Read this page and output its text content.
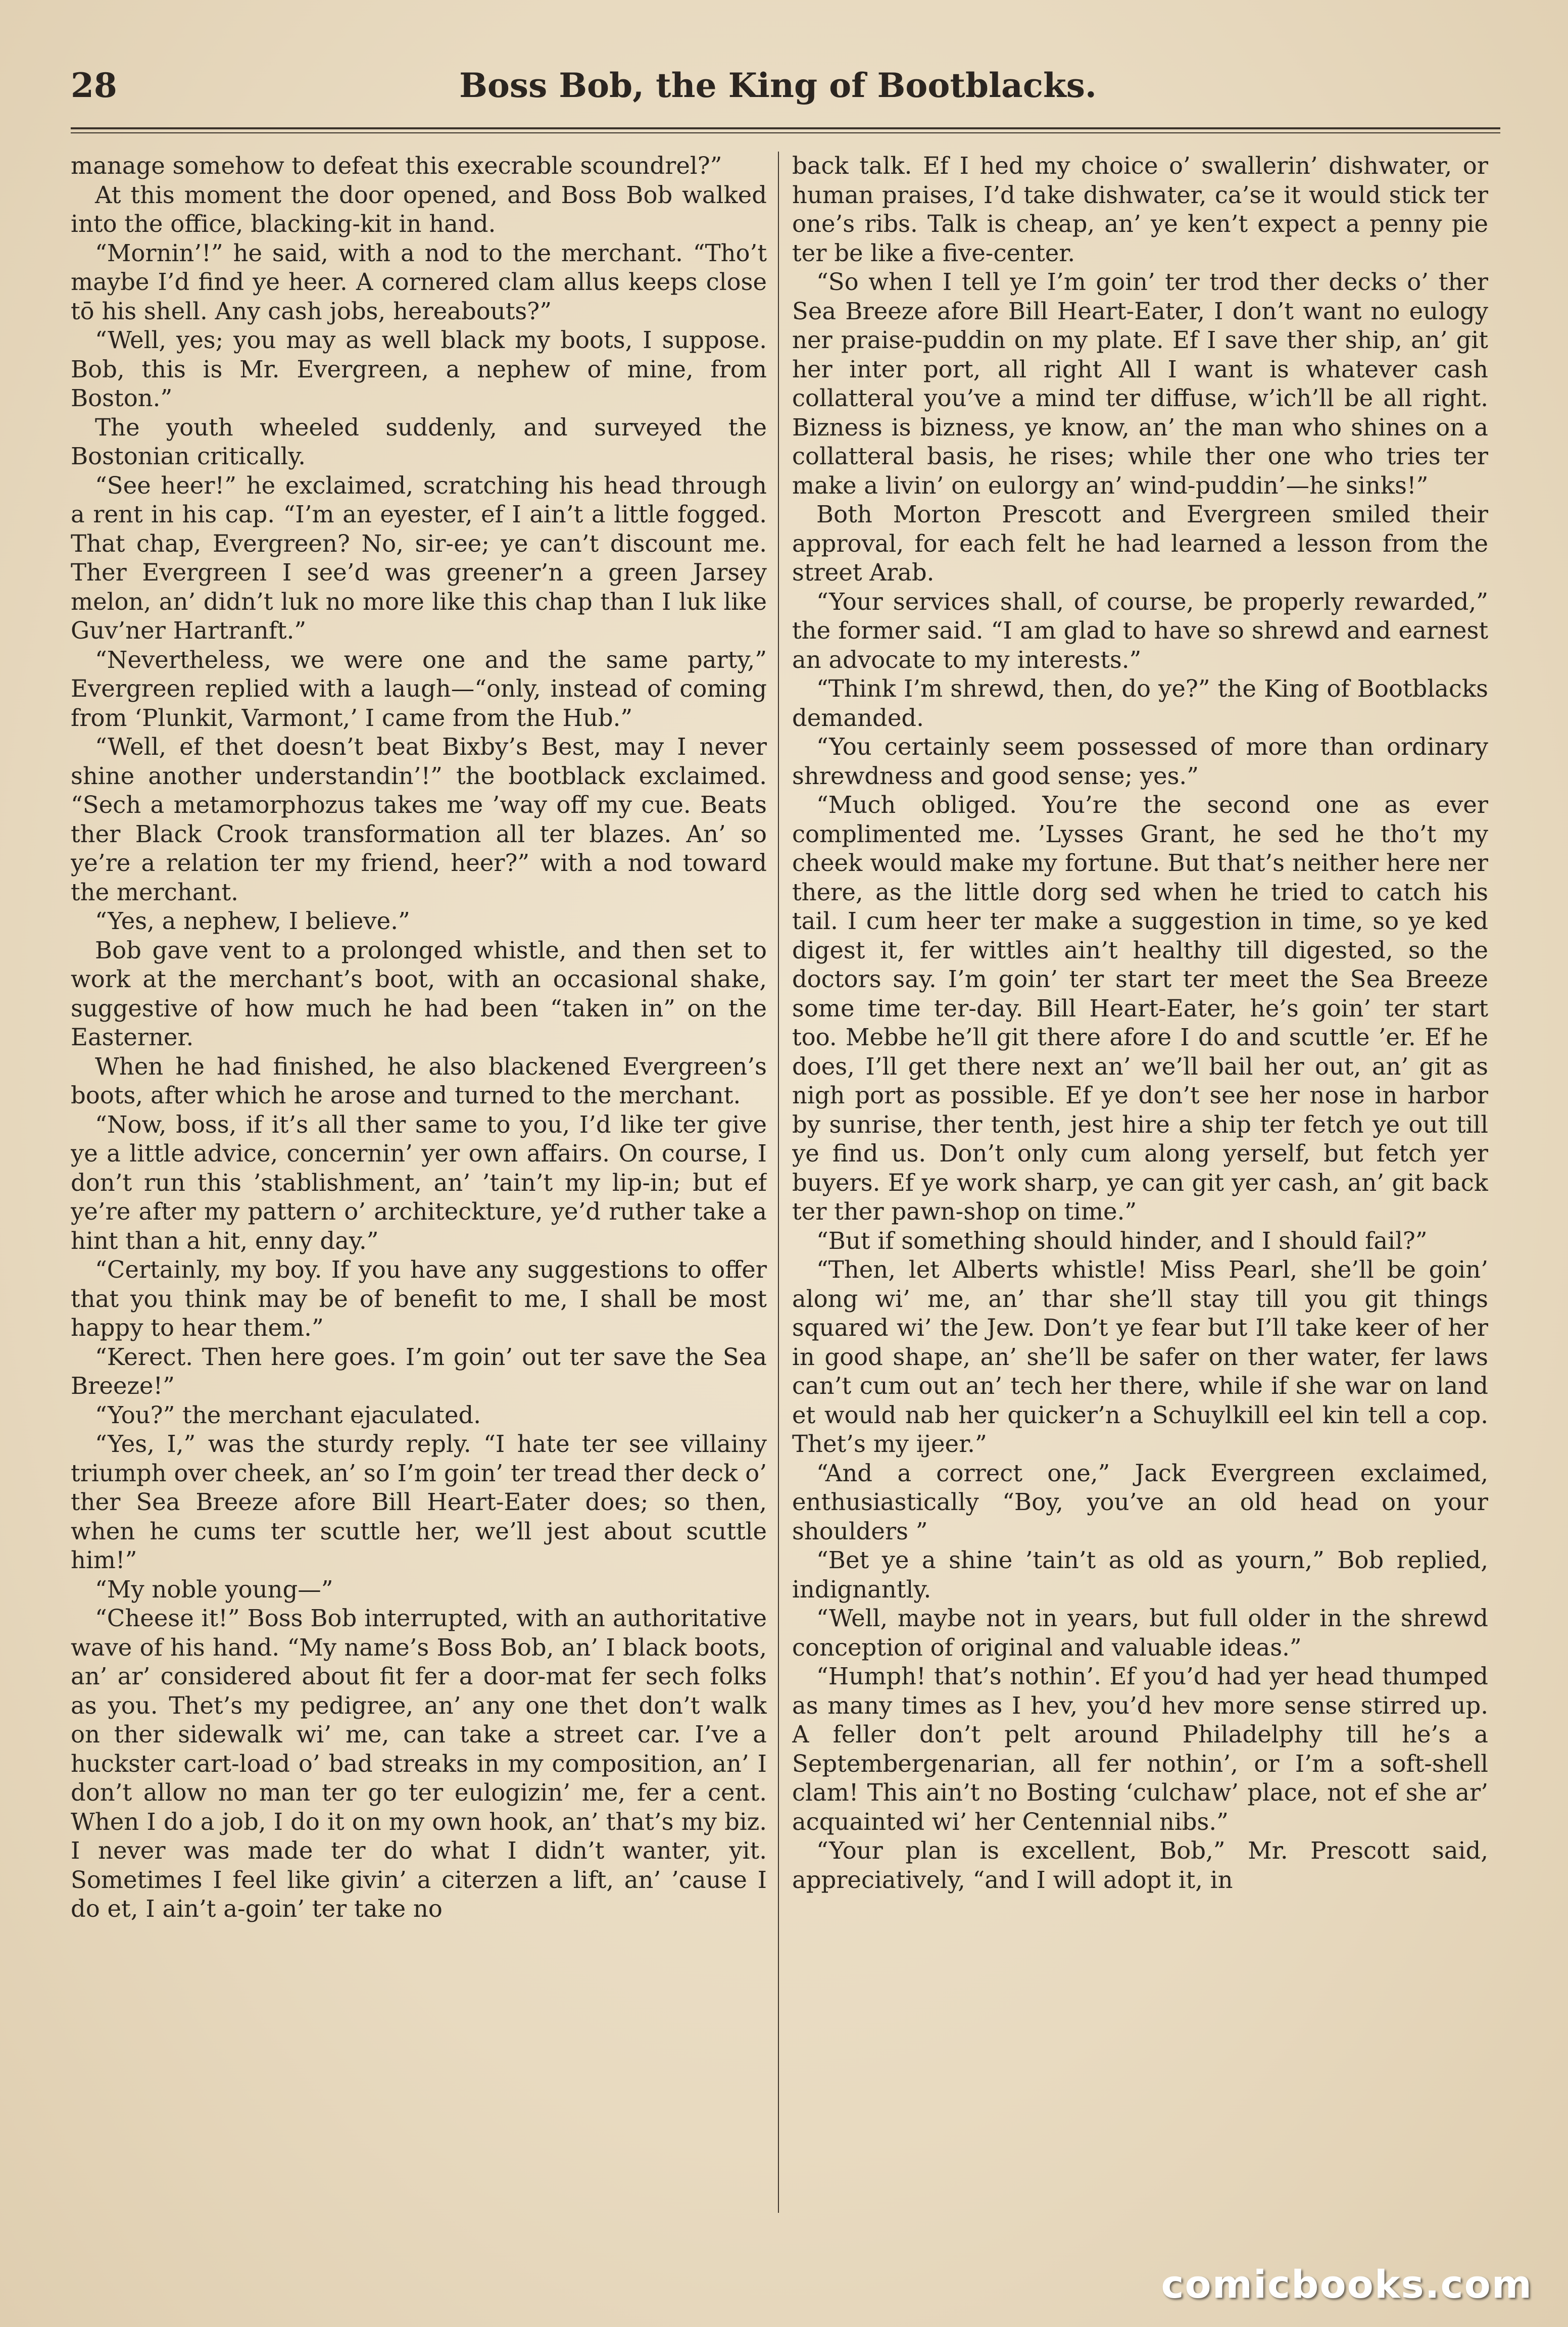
28	Boss Bob, the King of Bootblacks.

manage somehow to defeat this execrable scoundrel?”

At this moment the door opened, and Boss Bob walked into the office, blacking-kit in hand.

“Mornin’!” he said, with a nod to the merchant. “Tho’t maybe I’d find ye heer. A cornered clam allus keeps close tō his shell. Any cash jobs, hereabouts?”

“Well, yes; you may as well black my boots, I suppose. Bob, this is Mr. Evergreen, a nephew of mine, from Boston.”

The youth wheeled suddenly, and surveyed the Bostonian critically.

“See heer!” he exclaimed, scratching his head through a rent in his cap. “I’m an eyester, ef I ain’t a little fogged. That chap, Evergreen? No, sir-ee; ye can’t discount me. Ther Evergreen I see’d was greener’n a green Jarsey melon, an’ didn’t luk no more like this chap than I luk like Guv’ner Hartranft.”

“Nevertheless, we were one and the same party,” Evergreen replied with a laugh—“only, instead of coming from ‘Plunkit, Varmont,’ I came from the Hub.”

“Well, ef thet doesn’t beat Bixby’s Best, may I never shine another understandin’!” the bootblack exclaimed. “Sech a metamorphozus takes me ’way off my cue. Beats ther Black Crook transformation all ter blazes. An’ so ye’re a relation ter my friend, heer?” with a nod toward the merchant.

“Yes, a nephew, I believe.”

Bob gave vent to a prolonged whistle, and then set to work at the merchant’s boot, with an occasional shake, suggestive of how much he had been “taken in” on the Easterner.

When he had finished, he also blackened Evergreen’s boots, after which he arose and turned to the merchant.

“Now, boss, if it’s all ther same to you, I’d like ter give ye a little advice, concernin’ yer own affairs. On course, I don’t run this ’stablishment, an’ ’tain’t my lip-in; but ef ye’re after my pattern o’ architeckture, ye’d ruther take a hint than a hit, enny day.”

“Certainly, my boy. If you have any suggestions to offer that you think may be of benefit to me, I shall be most happy to hear them.”

“Kerect. Then here goes. I’m goin’ out ter save the Sea Breeze!”

“You?” the merchant ejaculated.

“Yes, I,” was the sturdy reply. “I hate ter see villainy triumph over cheek, an’ so I’m goin’ ter tread ther deck o’ ther Sea Breeze afore Bill Heart-Eater does; so then, when he cums ter scuttle her, we’ll jest about scuttle him!”

“My noble young—”

“Cheese it!” Boss Bob interrupted, with an authoritative wave of his hand. “My name’s Boss Bob, an’ I black boots, an’ ar’ considered about fit fer a door-mat fer sech folks as you. Thet’s my pedigree, an’ any one thet don’t walk on ther sidewalk wi’ me, can take a street car. I’ve a huckster cart-load o’ bad streaks in my composition, an’ I don’t allow no man ter go ter eulogizin’ me, fer a cent. When I do a job, I do it on my own hook, an’ that’s my biz. I never was made ter do what I didn’t wanter, yit. Sometimes I feel like givin’ a citerzen a lift, an’ ’cause I do et, I ain’t a-goin’ ter take no

back talk. Ef I hed my choice o’ swallerin’ dishwater, or human praises, I’d take dishwater, ca’se it would stick ter one’s ribs. Talk is cheap, an’ ye ken’t expect a penny pie ter be like a five-center.

“So when I tell ye I’m goin’ ter trod ther decks o’ ther Sea Breeze afore Bill Heart-Eater, I don’t want no eulogy ner praise-puddin on my plate. Ef I save ther ship, an’ git her inter port, all right All I want is whatever cash collatteral you’ve a mind ter diffuse, w’ich’ll be all right. Bizness is bizness, ye know, an’ the man who shines on a collatteral basis, he rises; while ther one who tries ter make a livin’ on eulorgy an’ wind-puddin’—he sinks!”

Both Morton Prescott and Evergreen smiled their approval, for each felt he had learned a lesson from the street Arab.

“Your services shall, of course, be properly rewarded,” the former said. “I am glad to have so shrewd and earnest an advocate to my interests.”

“Think I’m shrewd, then, do ye?” the King of Bootblacks demanded.

“You certainly seem possessed of more than ordinary shrewdness and good sense; yes.”

“Much obliged. You’re the second one as ever complimented me. ’Lysses Grant, he sed he tho’t my cheek would make my fortune. But that’s neither here ner there, as the little dorg sed when he tried to catch his tail. I cum heer ter make a suggestion in time, so ye ked digest it, fer wittles ain’t healthy till digested, so the doctors say. I’m goin’ ter start ter meet the Sea Breeze some time ter-day. Bill Heart-Eater, he’s goin’ ter start too. Mebbe he’ll git there afore I do and scuttle ’er. Ef he does, I’ll get there next an’ we’ll bail her out, an’ git as nigh port as possible. Ef ye don’t see her nose in harbor by sunrise, ther tenth, jest hire a ship ter fetch ye out till ye find us. Don’t only cum along yerself, but fetch yer buyers. Ef ye work sharp, ye can git yer cash, an’ git back ter ther pawn-shop on time.”

“But if something should hinder, and I should fail?”

“Then, let Alberts whistle! Miss Pearl, she’ll be goin’ along wi’ me, an’ thar she’ll stay till you git things squared wi’ the Jew. Don’t ye fear but I’ll take keer of her in good shape, an’ she’ll be safer on ther water, fer laws can’t cum out an’ tech her there, while if she war on land et would nab her quicker’n a Schuylkill eel kin tell a cop. Thet’s my ijeer.”

“And a correct one,” Jack Evergreen exclaimed, enthusiastically “Boy, you’ve an old head on your shoulders ”

“Bet ye a shine ’tain’t as old as yourn,” Bob replied, indignantly.

“Well, maybe not in years, but full older in the shrewd conception of original and valuable ideas.”

“Humph! that’s nothin’. Ef you’d had yer head thumped as many times as I hev, you’d hev more sense stirred up. A feller don’t pelt around Philadelphy till he’s a Septembergenarian, all fer nothin’, or I’m a soft-shell clam! This ain’t no Bosting ‘culchaw’ place, not ef she ar’ acquainted wi’ her Centennial nibs.”

“Your plan is excellent, Bob,” Mr. Prescott said, appreciatively, “and I will adopt it, in

comicbooks.com
